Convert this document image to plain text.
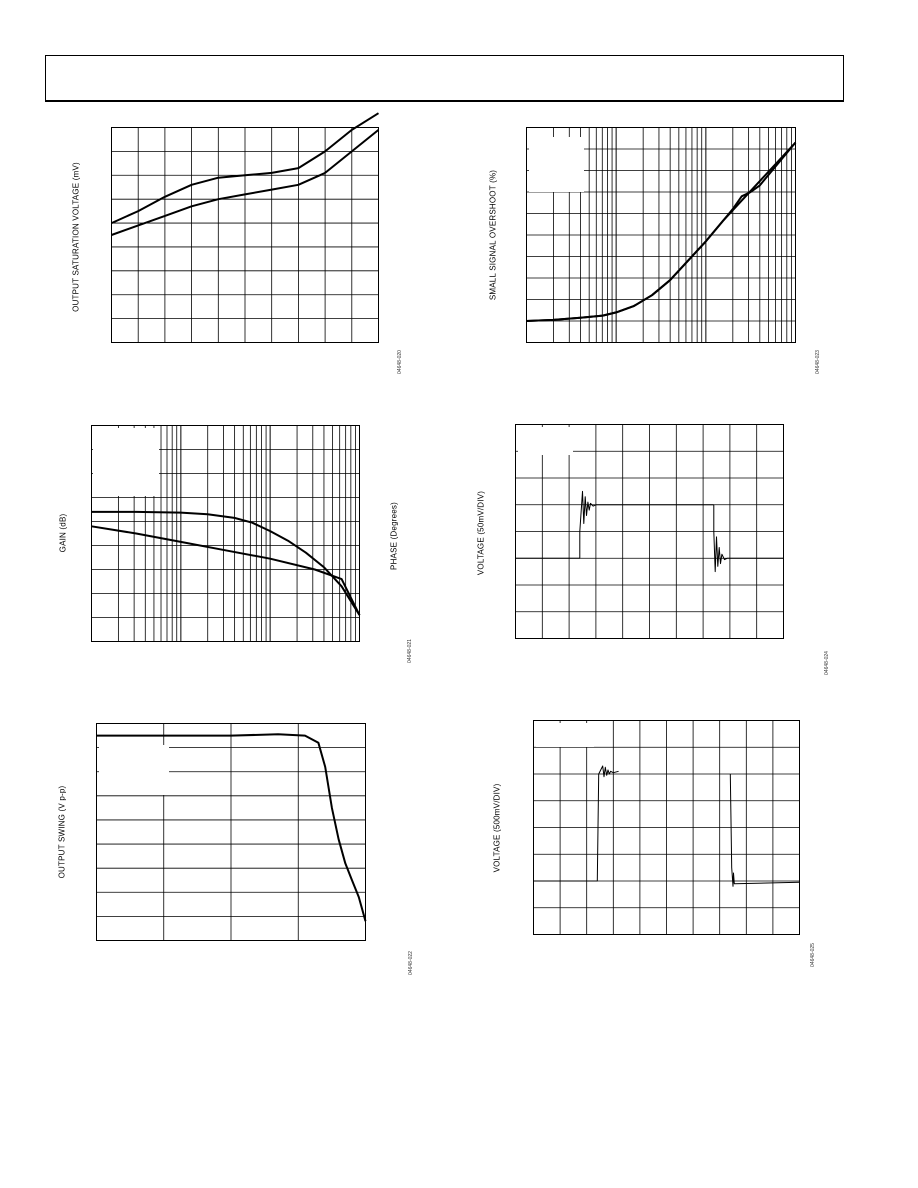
OUTPUT SATURATION VOLTAGE (mV)
04648-020
SMALL SIGNAL OVERSHOOT (%)
04648-023
GAIN (dB)	PHASE (Degrees)
04648-021
VOLTAGE (50mV/DIV)
04648-024
OUTPUT SWING (V p-p)
04648-022
VOLTAGE (500mV/DIV)
04648-025
